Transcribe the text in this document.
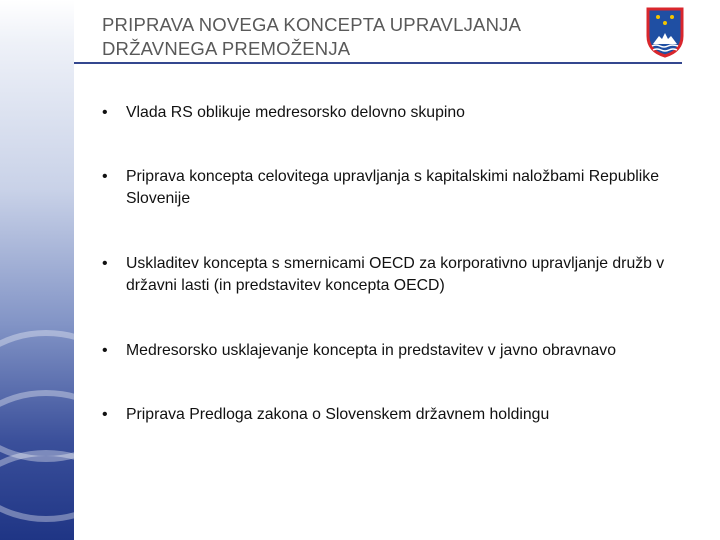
PRIPRAVA NOVEGA KONCEPTA UPRAVLJANJA
DRŽAVNEGA PREMOŽENJA
•	Vlada RS oblikuje medresorsko delovno skupino
•	Priprava koncepta celovitega upravljanja s kapitalskimi naložbami Republike Slovenije
•	Uskladitev koncepta s smernicami OECD za korporativno upravljanje družb v državni lasti (in predstavitev koncepta OECD)
•	Medresorsko usklajevanje koncepta in predstavitev v javno obravnavo
•	Priprava Predloga zakona o Slovenskem državnem holdingu
